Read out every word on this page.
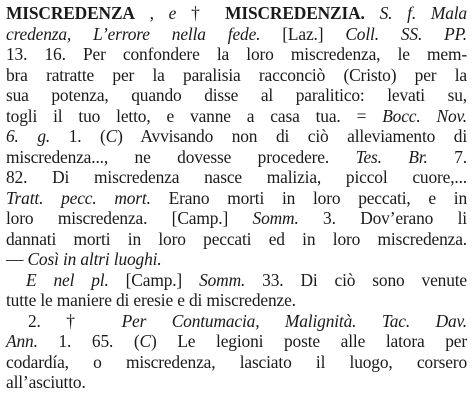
MISCREDENZA , e † MISCREDENZIA. S. f. Mala
credenza, L’errore nella fede. [Laz.] Coll. SS. PP.
13. 16. Per confondere la loro miscredenza, le mem-
bra ratratte per la paralisia racconciò (Cristo) per la
sua potenza, quando disse al paralitico: levati su,
togli il tuo letto, e vanne a casa tua. = Bocc. Nov.
6. g. 1. (C) Avvisando non di ciò alleviamento di
miscredenza..., ne dovesse procedere. Tes. Br. 7.
82. Di miscredenza nasce malizia, piccol cuore,...
Tratt. pecc. mort. Erano morti in loro peccati, e in
loro miscredenza. [Camp.] Somm. 3. Dov’erano li
dannati morti in loro peccati ed in loro miscredenza.
— Così in altri luoghi.
E nel pl. [Camp.] Somm. 33. Di ciò sono venute
tutte le maniere di eresie e di miscredenze.
2. † Per Contumacia, Malignità. Tac. Dav.
Ann. 1. 65. (C) Le legioni poste alle latora per
codardía, o miscredenza, lasciato il luogo, corsero
all’asciutto.
